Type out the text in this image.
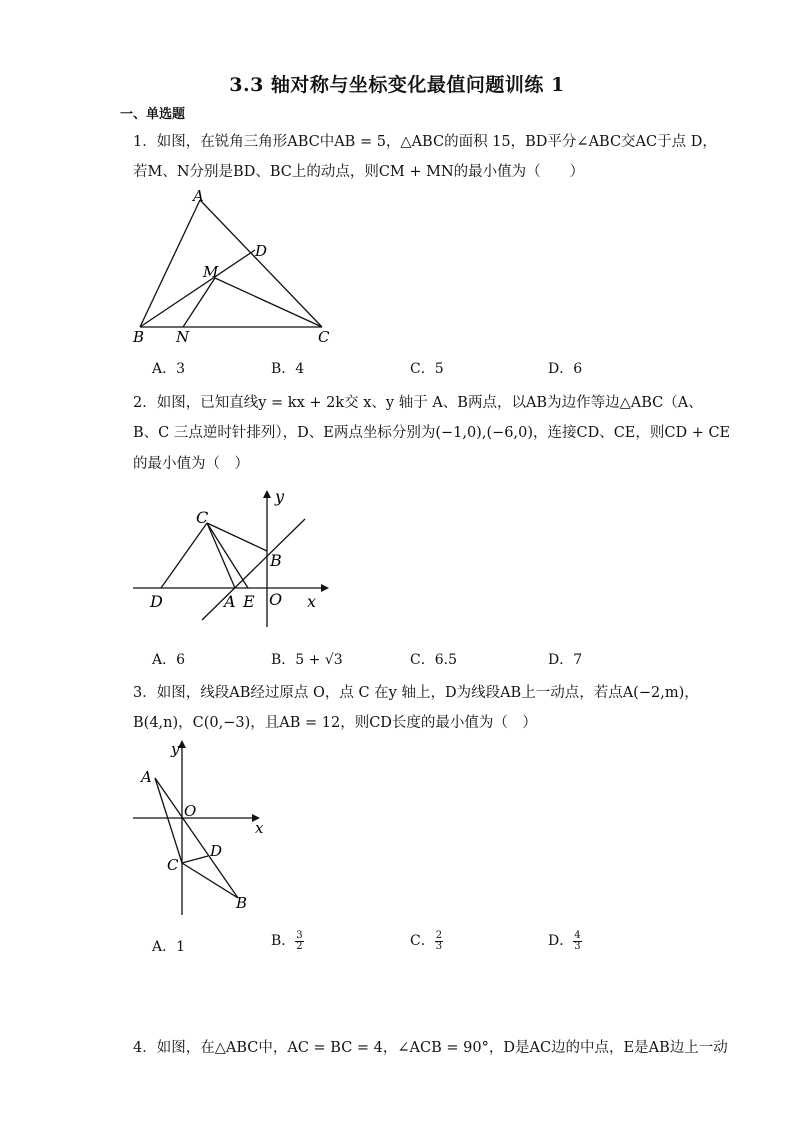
3.3 轴对称与坐标变化最值问题训练 1
一、单选题
1．如图，在锐角三角形ABC中AB = 5，△ABC的面积 15，BD平分∠ABC交AC于点 D，
若M、N分别是BD、BC上的动点，则CM + MN的最小值为（　　）
A
B	C
D
M
N
A．3	B．4	C．5	D．6
2．如图，已知直线y = kx + 2k交 x、y 轴于 A、B两点，以AB为边作等边△ABC（A、
B、C 三点逆时针排列），D、E两点坐标分别为(−1,0),(−6,0)，连接CD、CE，则CD + CE
的最小值为（　）
C
B
D	A E O x
y
A．6	B．5 + √3	C．6.5	D．7
3．如图，线段AB经过原点 O，点 C 在y 轴上，D为线段AB上一动点，若点A(−2,m)，
B(4,n)，C(0,−3)，且AB = 12，则CD长度的最小值为（　）
A
O
x
y
D
C
B
A．1	B． $\frac{3}{2}$	C． $\frac{2}{3}$	D． $\frac{4}{3}$
4．如图，在△ABC中，AC = BC = 4，∠ACB = 90°，D是AC边的中点，E是AB边上一动
